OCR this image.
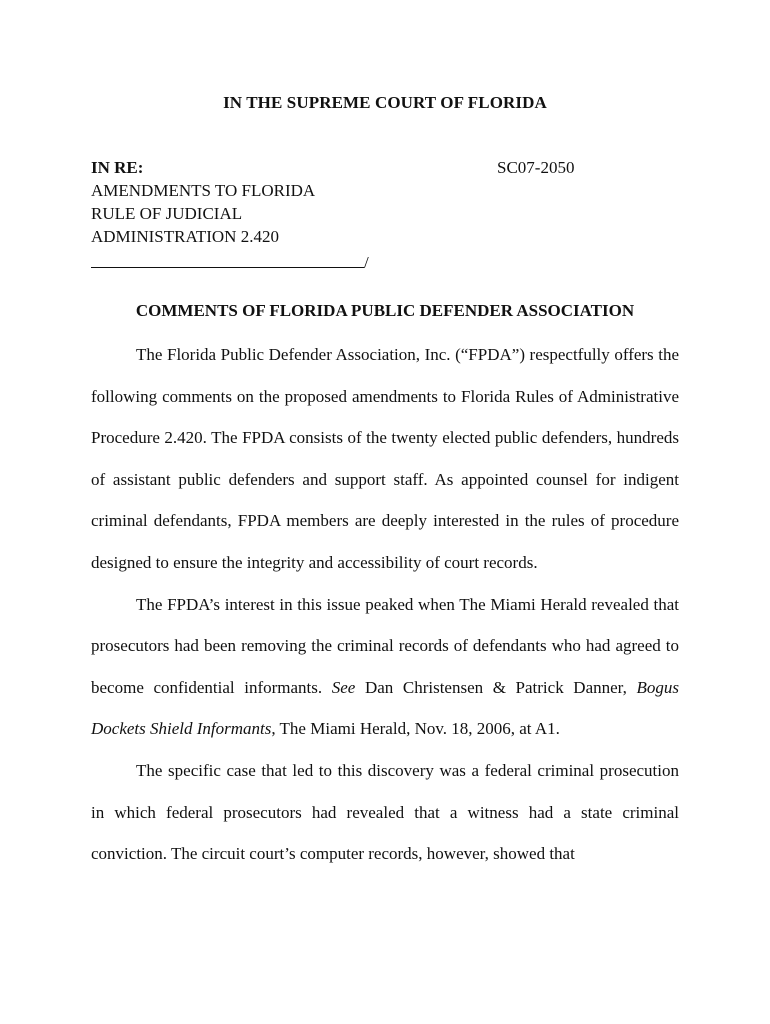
IN THE SUPREME COURT OF FLORIDA
IN RE:
AMENDMENTS TO FLORIDA
RULE OF JUDICIAL
ADMINISTRATION 2.420
SC07-2050
/
COMMENTS OF FLORIDA PUBLIC DEFENDER ASSOCIATION

The Florida Public Defender Association, Inc. (“FPDA”) respectfully offers the following comments on the proposed amendments to Florida Rules of Administrative Procedure 2.420. The FPDA consists of the twenty elected public defenders, hundreds of assistant public defenders and support staff. As appointed counsel for indigent criminal defendants, FPDA members are deeply interested in the rules of procedure designed to ensure the integrity and accessibility of court records.

The FPDA’s interest in this issue peaked when The Miami Herald revealed that prosecutors had been removing the criminal records of defendants who had agreed to become confidential informants. See Dan Christensen & Patrick Danner, Bogus Dockets Shield Informants, The Miami Herald, Nov. 18, 2006, at A1.

The specific case that led to this discovery was a federal criminal prosecution in which federal prosecutors had revealed that a witness had a state criminal conviction. The circuit court’s computer records, however, showed that
